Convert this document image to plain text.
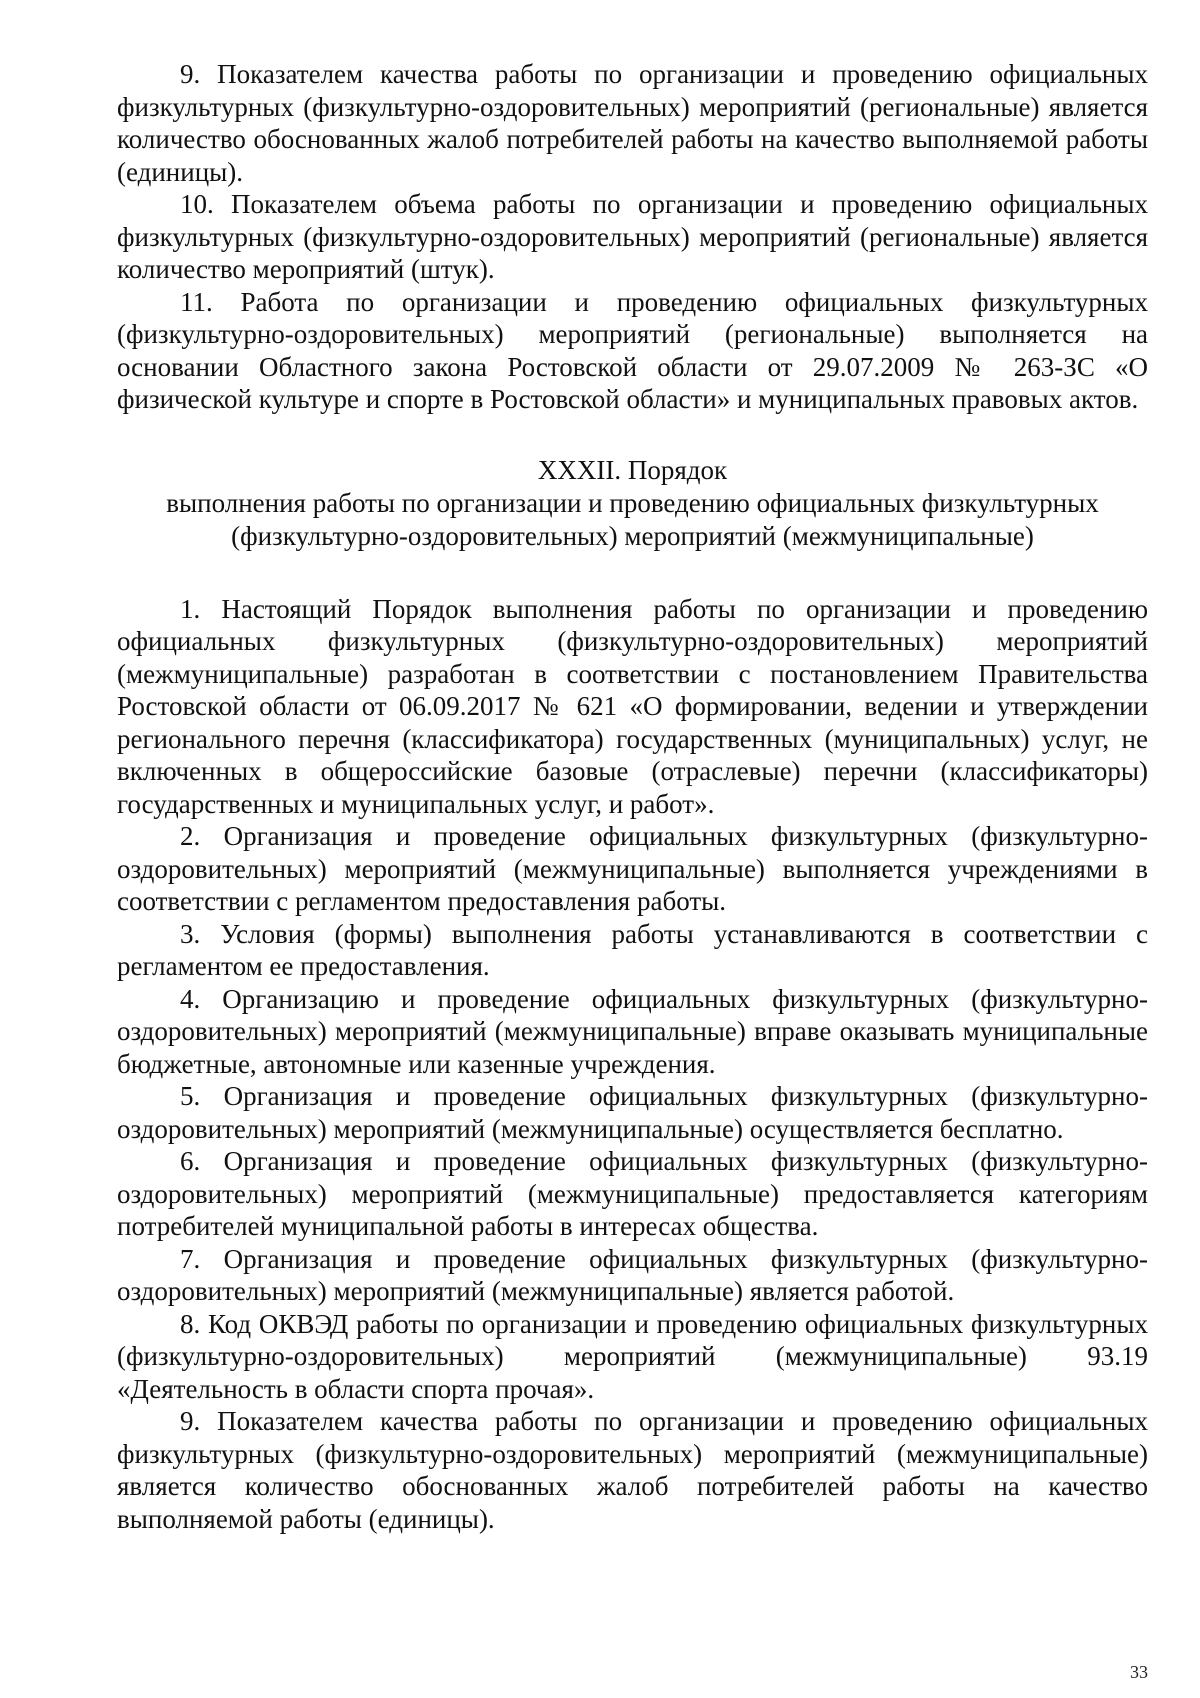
9. Показателем качества работы по организации и проведению официальных физкультурных (физкультурно-оздоровительных) мероприятий (региональные) является количество обоснованных жалоб потребителей работы на качество выполняемой работы (единицы).

10. Показателем объема работы по организации и проведению официальных физкультурных (физкультурно-оздоровительных) мероприятий (региональные) является количество мероприятий (штук).

11. Работа по организации и проведению официальных физкультурных (физкультурно-оздоровительных) мероприятий (региональные) выполняется на основании Областного закона Ростовской области от 29.07.2009 № 263-ЗС «О физической культуре и спорте в Ростовской области» и муниципальных правовых актов.

XXXII. Порядок
выполнения работы по организации и проведению официальных физкультурных
(физкультурно-оздоровительных) мероприятий (межмуниципальные)

1. Настоящий Порядок выполнения работы по организации и проведению официальных физкультурных (физкультурно-оздоровительных) мероприятий (межмуниципальные) разработан в соответствии с постановлением Правительства Ростовской области от 06.09.2017 № 621 «О формировании, ведении и утверждении регионального перечня (классификатора) государственных (муниципальных) услуг, не включенных в общероссийские базовые (отраслевые) перечни (классификаторы) государственных и муниципальных услуг, и работ».

2. Организация и проведение официальных физкультурных (физкультурно-оздоровительных) мероприятий (межмуниципальные) выполняется учреждениями в соответствии с регламентом предоставления работы.

3. Условия (формы) выполнения работы устанавливаются в соответствии с регламентом ее предоставления.

4. Организацию и проведение официальных физкультурных (физкультурно-оздоровительных) мероприятий (межмуниципальные) вправе оказывать муниципальные бюджетные, автономные или казенные учреждения.

5. Организация и проведение официальных физкультурных (физкультурно-оздоровительных) мероприятий (межмуниципальные) осуществляется бесплатно.

6. Организация и проведение официальных физкультурных (физкультурно-оздоровительных) мероприятий (межмуниципальные) предоставляется категориям потребителей муниципальной работы в интересах общества.

7. Организация и проведение официальных физкультурных (физкультурно-оздоровительных) мероприятий (межмуниципальные) является работой.

8. Код ОКВЭД работы по организации и проведению официальных физкультурных (физкультурно-оздоровительных) мероприятий (межмуниципальные) 93.19 «Деятельность в области спорта прочая».

9. Показателем качества работы по организации и проведению официальных физкультурных (физкультурно-оздоровительных) мероприятий (межмуниципальные) является количество обоснованных жалоб потребителей работы на качество выполняемой работы (единицы).

33
